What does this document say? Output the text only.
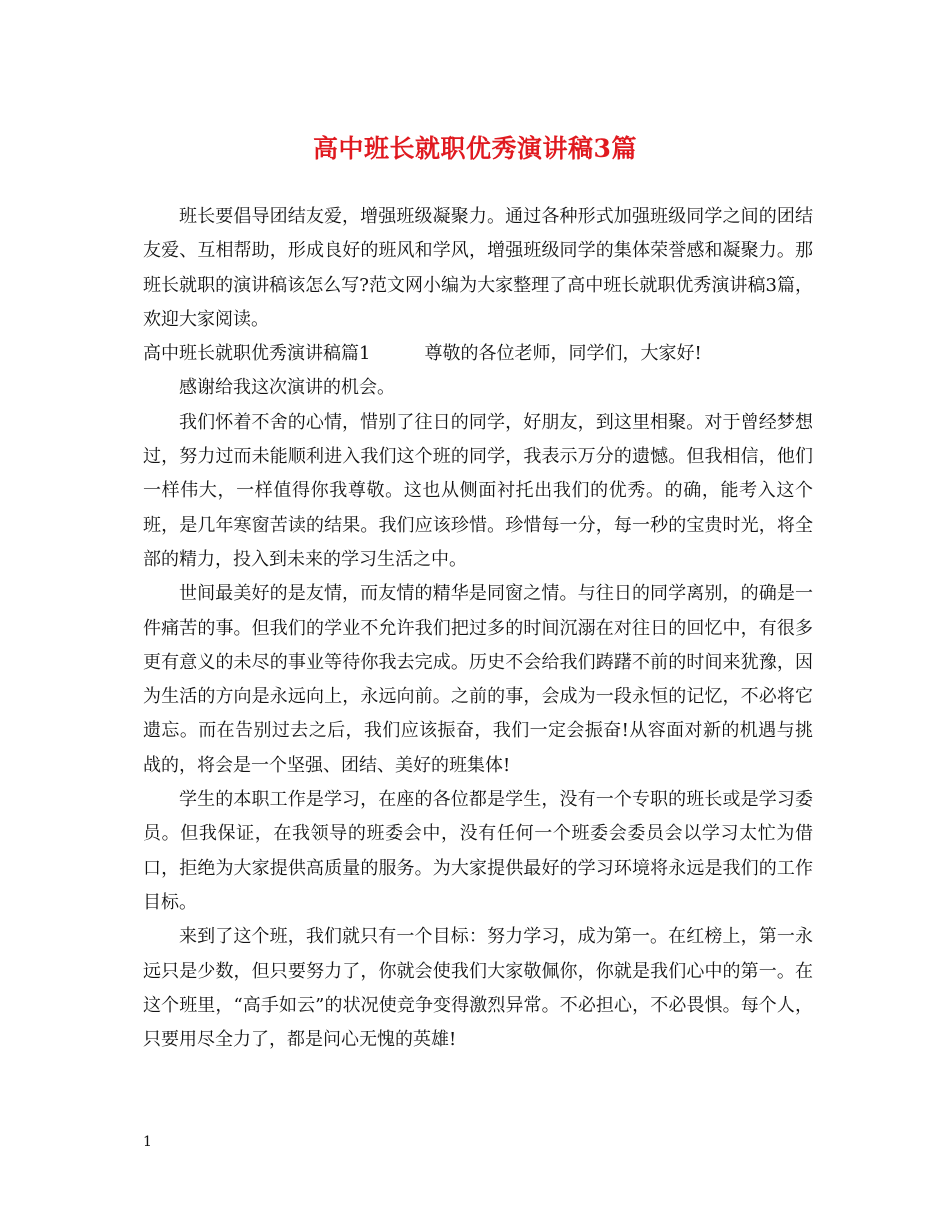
高中班长就职优秀演讲稿3篇

班长要倡导团结友爱，增强班级凝聚力。通过各种形式加强班级同学之间的团结友爱、互相帮助，形成良好的班风和学风，增强班级同学的集体荣誉感和凝聚力。那班长就职的演讲稿该怎么写?范文网小编为大家整理了高中班长就职优秀演讲稿3篇，欢迎大家阅读。

高中班长就职优秀演讲稿篇1	尊敬的各位老师，同学们，大家好!

感谢给我这次演讲的机会。

我们怀着不舍的心情，惜别了往日的同学，好朋友，到这里相聚。对于曾经梦想过，努力过而未能顺利进入我们这个班的同学，我表示万分的遗憾。但我相信，他们一样伟大，一样值得你我尊敬。这也从侧面衬托出我们的优秀。的确，能考入这个班，是几年寒窗苦读的结果。我们应该珍惜。珍惜每一分，每一秒的宝贵时光，将全部的精力，投入到未来的学习生活之中。

世间最美好的是友情，而友情的精华是同窗之情。与往日的同学离别，的确是一件痛苦的事。但我们的学业不允许我们把过多的时间沉溺在对往日的回忆中，有很多更有意义的未尽的事业等待你我去完成。历史不会给我们踌躇不前的时间来犹豫，因为生活的方向是永远向上，永远向前。之前的事，会成为一段永恒的记忆，不必将它遗忘。而在告别过去之后，我们应该振奋，我们一定会振奋!从容面对新的机遇与挑战的，将会是一个坚强、团结、美好的班集体!

学生的本职工作是学习，在座的各位都是学生，没有一个专职的班长或是学习委员。但我保证，在我领导的班委会中，没有任何一个班委会委员会以学习太忙为借口，拒绝为大家提供高质量的服务。为大家提供最好的学习环境将永远是我们的工作目标。

来到了这个班，我们就只有一个目标：努力学习，成为第一。在红榜上，第一永远只是少数，但只要努力了，你就会使我们大家敬佩你，你就是我们心中的第一。在这个班里，“高手如云”的状况使竞争变得激烈异常。不必担心，不必畏惧。每个人，只要用尽全力了，都是问心无愧的英雄!

1
